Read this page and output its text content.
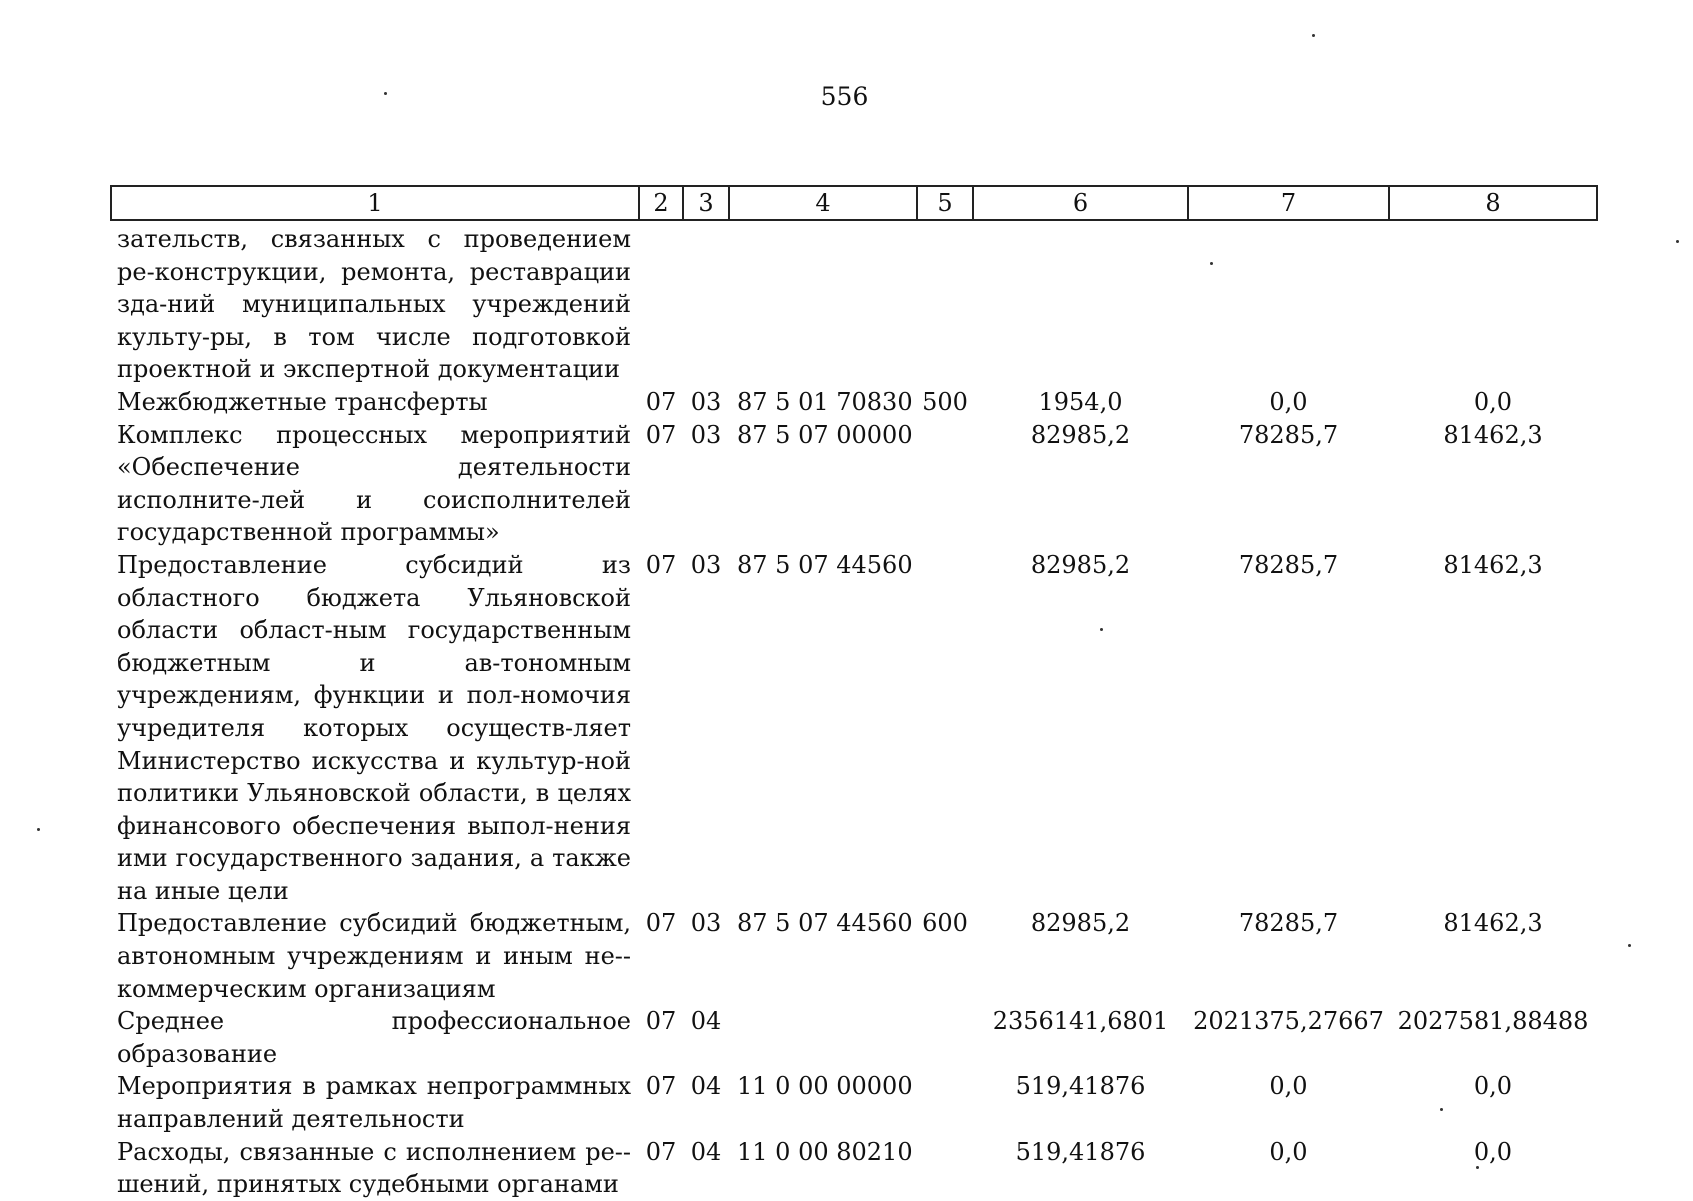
556
1	2	3	4	5	6	7	8
зательств, связанных с проведением ре-конструкции, ремонта, реставрации зда-ний муниципальных учреждений культу-ры, в том числе подготовкой проектной и экспертной документации							
Межбюджетные трансферты	07	03	87 5 01 70830	500	1954,0	0,0	0,0
Комплекс процессных мероприятий «Обеспечение деятельности исполните-лей и соисполнителей государственной программы»	07	03	87 5 07 00000		82985,2	78285,7	81462,3
Предоставление субсидий из областного бюджета Ульяновской области област-ным государственным бюджетным и ав-тономным учреждениям, функции и пол-номочия учредителя которых осуществ-ляет Министерство искусства и культур-ной политики Ульяновской области, в целях финансового обеспечения выпол-нения ими государственного задания, а также на иные цели	07	03	87 5 07 44560		82985,2	78285,7	81462,3
Предоставление субсидий бюджетным, автономным учреждениям и иным не-коммерческим организациям	07	03	87 5 07 44560	600	82985,2	78285,7	81462,3
Среднее профессиональное образование	07	04			2356141,6801	2021375,27667	2027581,88488
Мероприятия в рамках непрограммных направлений деятельности	07	04	11 0 00 00000		519,41876	0,0	0,0
Расходы, связанные с исполнением ре-шений, принятых судебными органами	07	04	11 0 00 80210		519,41876	0,0	0,0
